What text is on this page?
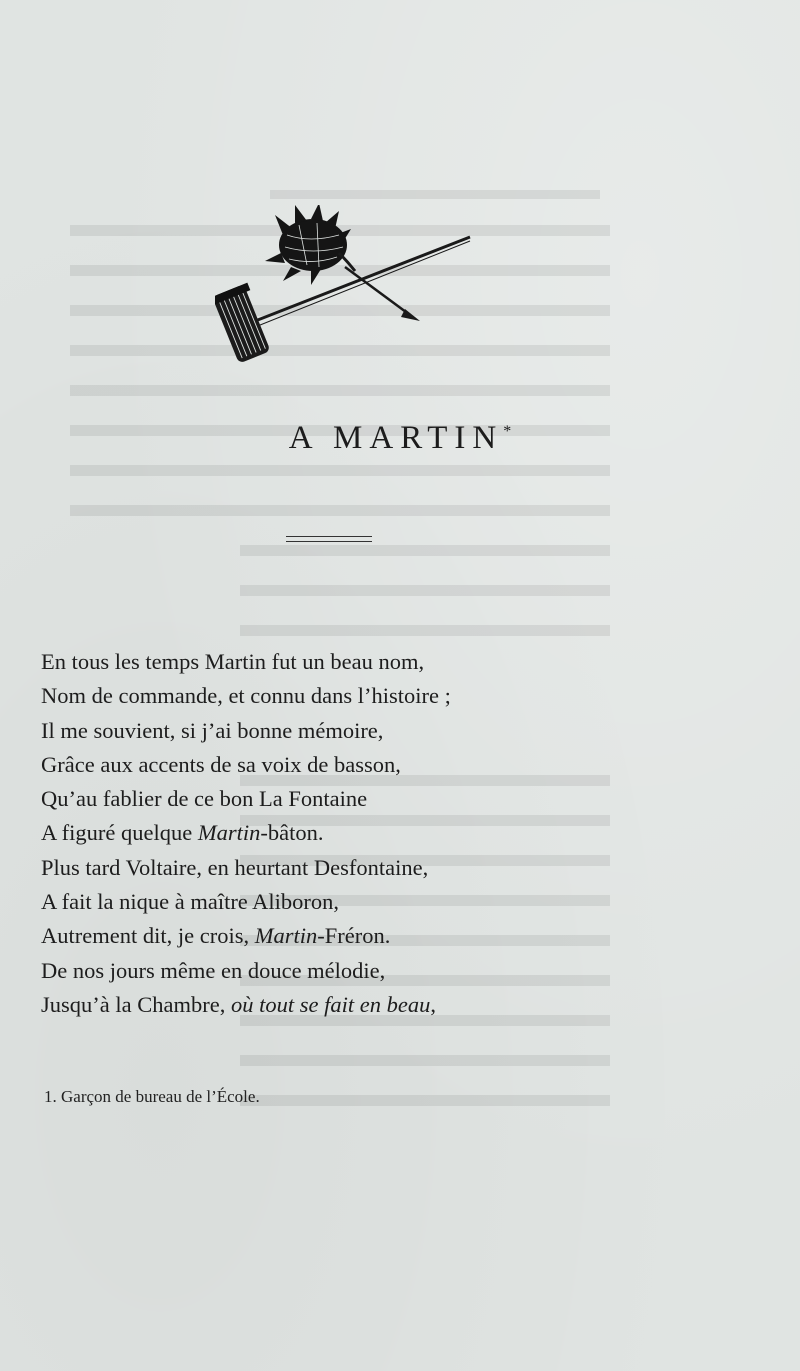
A MARTIN*
En tous les temps Martin fut un beau nom,
Nom de commande, et connu dans l’histoire ;
Il me souvient, si j’ai bonne mémoire,
Grâce aux accents de sa voix de basson,
Qu’au fablier de ce bon La Fontaine
A figuré quelque Martin-bâton.
Plus tard Voltaire, en heurtant Desfontaine,
A fait la nique à maître Aliboron,
Autrement dit, je crois, Martin-Fréron.
De nos jours même en douce mélodie,
Jusqu’à la Chambre, où tout se fait en beau,
1. Garçon de bureau de l’École.
